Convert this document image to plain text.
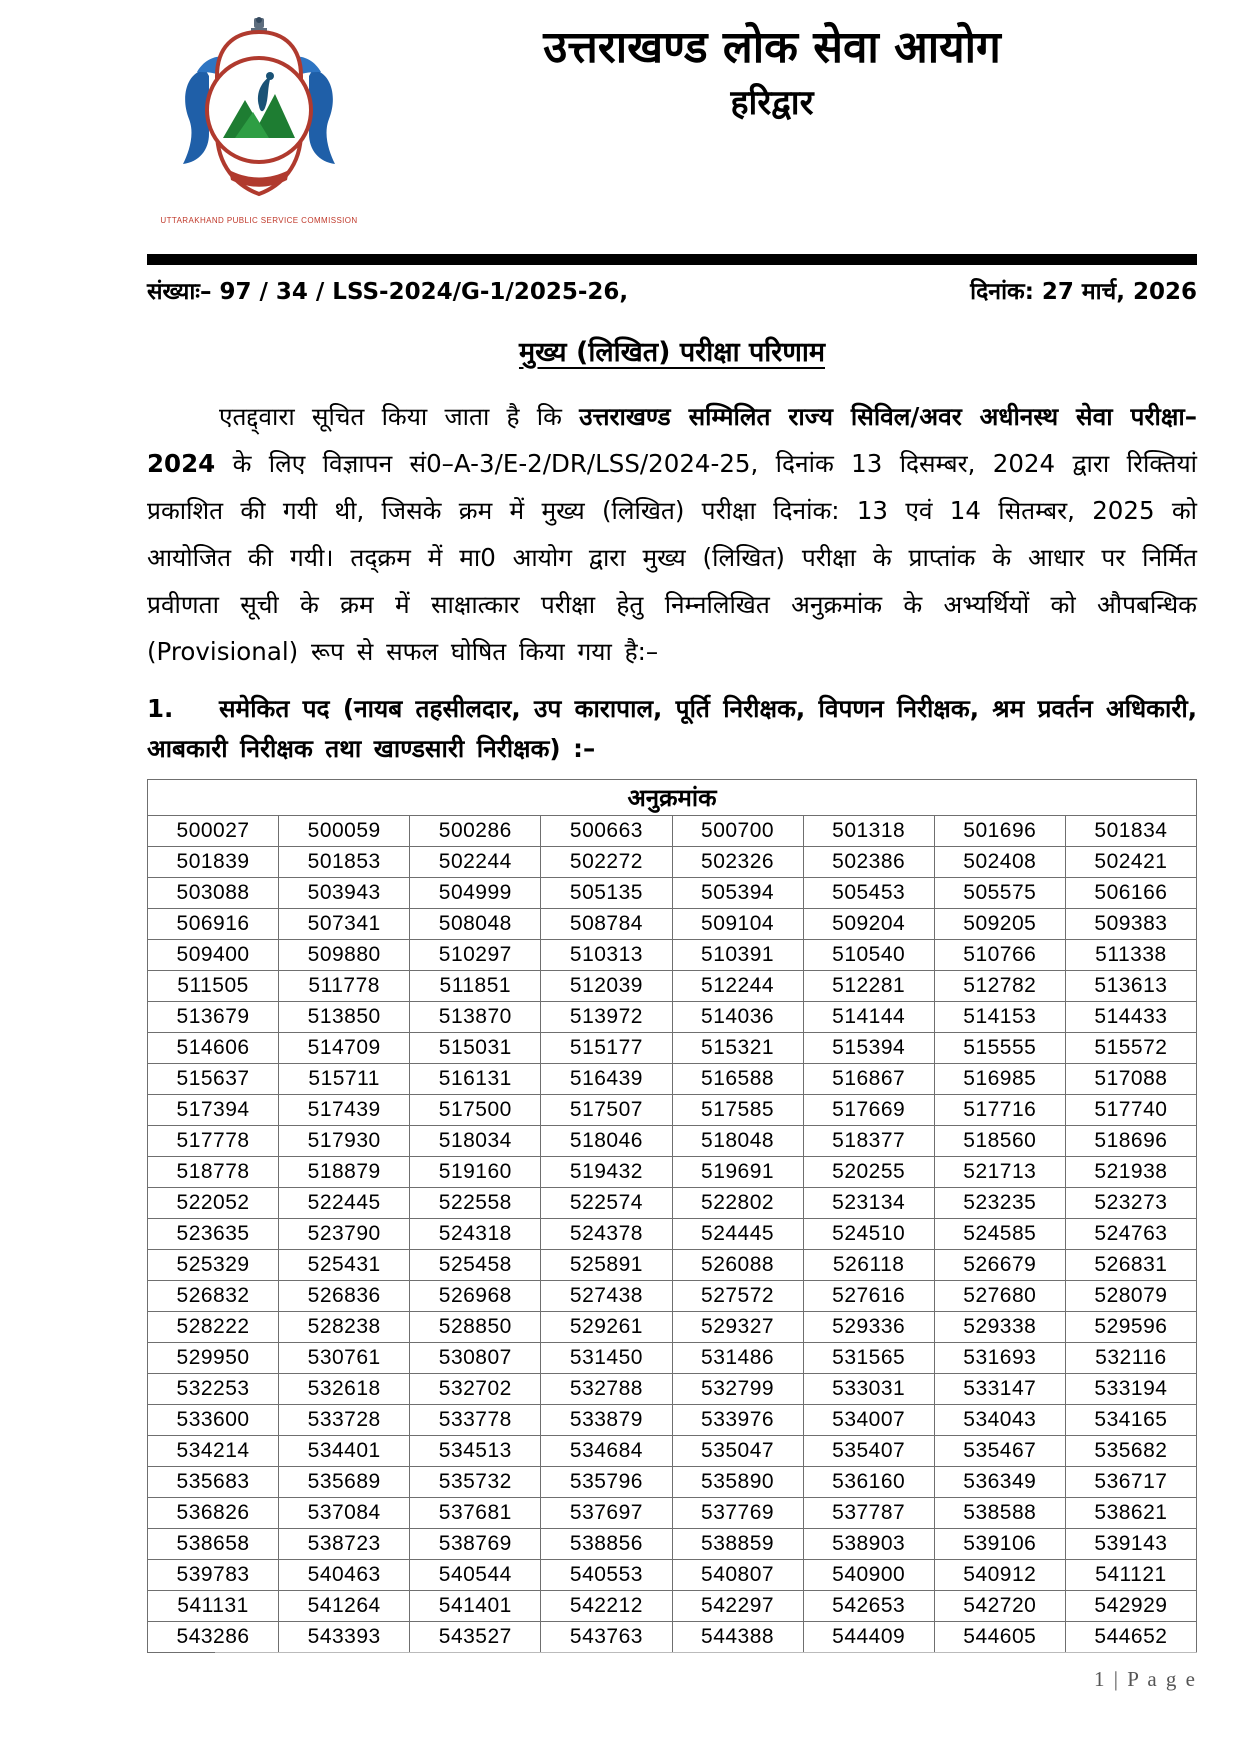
UTTARAKHAND PUBLIC SERVICE COMMISSION
उत्तराखण्ड लोक सेवा आयोग
हरिद्वार
संख्याः– 97 / 34 / LSS-2024/G-1/2025-26,	दिनांक: 27 मार्च, 2026
मुख्य (लिखित) परीक्षा परिणाम

एतद्द्वारा सूचित किया जाता है कि उत्तराखण्ड सम्मिलित राज्य सिविल/अवर अधीनस्थ सेवा परीक्षा– 2024 के लिए विज्ञापन सं0–A-3/E-2/DR/LSS/2024-25, दिनांक 13 दिसम्बर, 2024 द्वारा रिक्तियां प्रकाशित की गयी थी, जिसके क्रम में मुख्य (लिखित) परीक्षा दिनांक: 13 एवं 14 सितम्बर, 2025 को आयोजित की गयी। तद्क्रम में मा0 आयोग द्वारा मुख्य (लिखित) परीक्षा के प्राप्तांक के आधार पर निर्मित प्रवीणता सूची के क्रम में साक्षात्कार परीक्षा हेतु निम्नलिखित अनुक्रमांक के अभ्यर्थियों को औपबन्धिक (Provisional) रूप से सफल घोषित किया गया है:–

1. समेकित पद (नायब तहसीलदार, उप कारापाल, पूर्ति निरीक्षक, विपणन निरीक्षक, श्रम प्रवर्तन अधिकारी, आबकारी निरीक्षक तथा खाण्डसारी निरीक्षक) :–
अनुक्रमांक							
500027	500059	500286	500663	500700	501318	501696	501834
501839	501853	502244	502272	502326	502386	502408	502421
503088	503943	504999	505135	505394	505453	505575	506166
506916	507341	508048	508784	509104	509204	509205	509383
509400	509880	510297	510313	510391	510540	510766	511338
511505	511778	511851	512039	512244	512281	512782	513613
513679	513850	513870	513972	514036	514144	514153	514433
514606	514709	515031	515177	515321	515394	515555	515572
515637	515711	516131	516439	516588	516867	516985	517088
517394	517439	517500	517507	517585	517669	517716	517740
517778	517930	518034	518046	518048	518377	518560	518696
518778	518879	519160	519432	519691	520255	521713	521938
522052	522445	522558	522574	522802	523134	523235	523273
523635	523790	524318	524378	524445	524510	524585	524763
525329	525431	525458	525891	526088	526118	526679	526831
526832	526836	526968	527438	527572	527616	527680	528079
528222	528238	528850	529261	529327	529336	529338	529596
529950	530761	530807	531450	531486	531565	531693	532116
532253	532618	532702	532788	532799	533031	533147	533194
533600	533728	533778	533879	533976	534007	534043	534165
534214	534401	534513	534684	535047	535407	535467	535682
535683	535689	535732	535796	535890	536160	536349	536717
536826	537084	537681	537697	537769	537787	538588	538621
538658	538723	538769	538856	538859	538903	539106	539143
539783	540463	540544	540553	540807	540900	540912	541121
541131	541264	541401	542212	542297	542653	542720	542929
543286	543393	543527	543763	544388	544409	544605	544652
1 | P a g e
